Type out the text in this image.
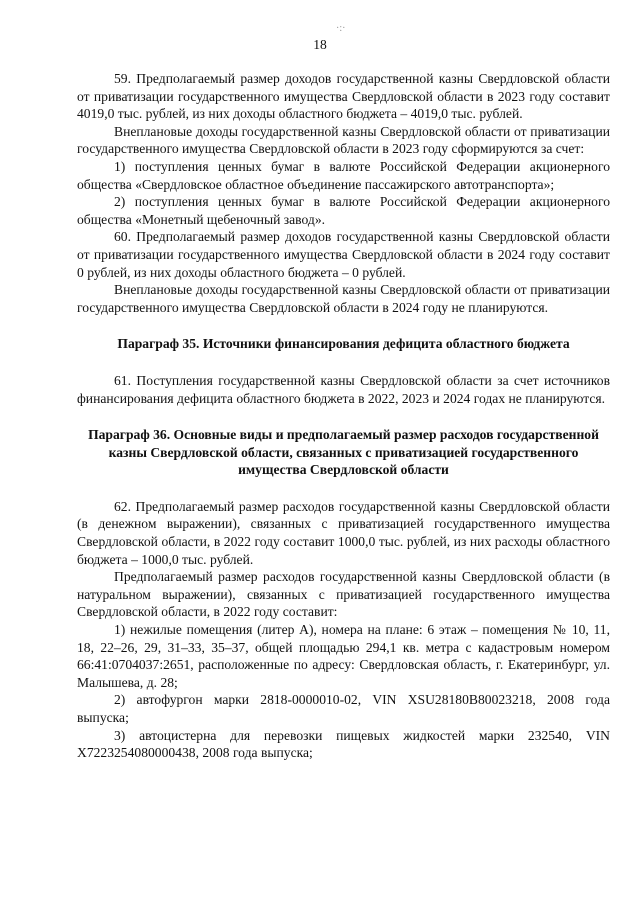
·:·
18

59. Предполагаемый размер доходов государственной казны Свердловской области от приватизации государственного имущества Свердловской области в 2023 году составит 4019,0 тыс. рублей, из них доходы областного бюджета – 4019,0 тыс. рублей.

Внеплановые доходы государственной казны Свердловской области от приватизации государственного имущества Свердловской области в 2023 году сформируются за счет:

1) поступления ценных бумаг в валюте Российской Федерации акционерного общества «Свердловское областное объединение пассажирского автотранспорта»;

2) поступления ценных бумаг в валюте Российской Федерации акционерного общества «Монетный щебеночный завод».

60. Предполагаемый размер доходов государственной казны Свердловской области от приватизации государственного имущества Свердловской области в 2024 году составит 0 рублей, из них доходы областного бюджета – 0 рублей.

Внеплановые доходы государственной казны Свердловской области от приватизации государственного имущества Свердловской области в 2024 году не планируются.

Параграф 35. Источники финансирования дефицита областного бюджета

61. Поступления государственной казны Свердловской области за счет источников финансирования дефицита областного бюджета в 2022, 2023 и 2024 годах не планируются.

Параграф 36. Основные виды и предполагаемый размер расходов государственной казны Свердловской области, связанных с приватизацией государственного имущества Свердловской области

62. Предполагаемый размер расходов государственной казны Свердловской области (в денежном выражении), связанных с приватизацией государственного имущества Свердловской области, в 2022 году составит 1000,0 тыс. рублей, из них расходы областного бюджета – 1000,0 тыс. рублей.

Предполагаемый размер расходов государственной казны Свердловской области (в натуральном выражении), связанных с приватизацией государственного имущества Свердловской области, в 2022 году составит:

1) нежилые помещения (литер А), номера на плане: 6 этаж – помещения № 10, 11, 18, 22–26, 29, 31–33, 35–37, общей площадью 294,1 кв. метра с кадастровым номером 66:41:0704037:2651, расположенные по адресу: Свердловская область, г. Екатеринбург, ул. Малышева, д. 28;

2) автофургон марки 2818-0000010-02, VIN XSU28180B80023218, 2008 года выпуска;

3) автоцистерна для перевозки пищевых жидкостей марки 232540, VIN X7223254080000438, 2008 года выпуска;
